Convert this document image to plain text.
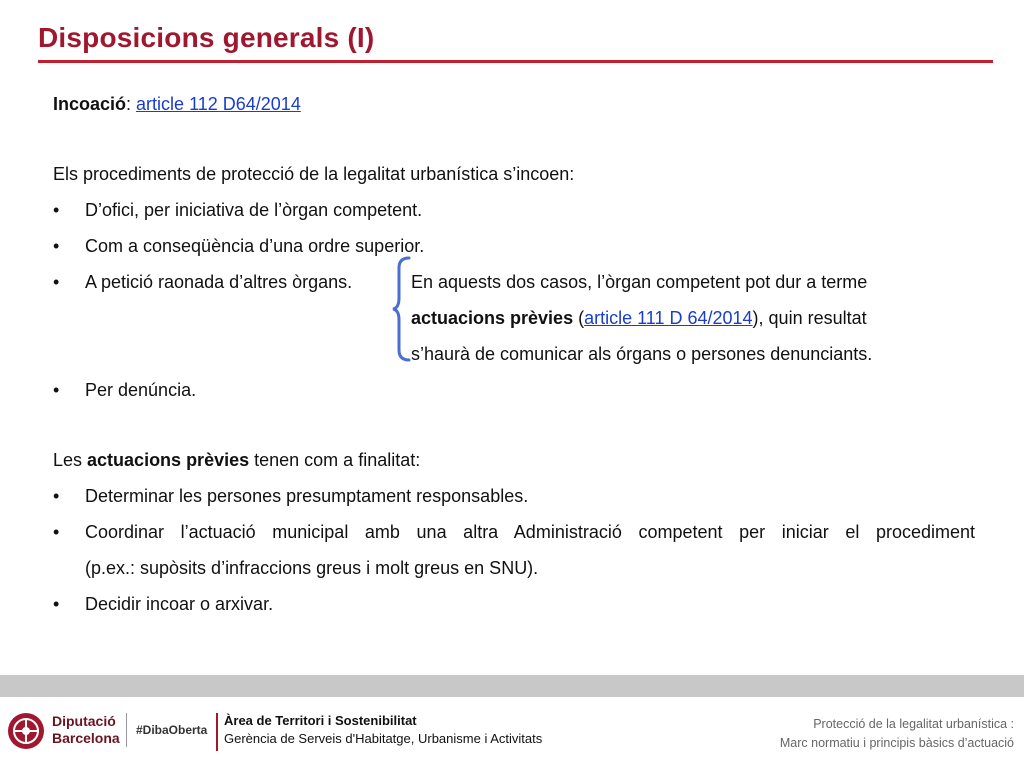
Disposicions generals (I)
Incoació: article 112 D64/2014
Els procediments de protecció de la legalitat urbanística s’incoen:
•	D’ofici, per iniciativa de l’òrgan competent.
•	Com a conseqüència d’una ordre superior.
•	A petició raonada d’altres òrgans.	En aquests dos casos, l’òrgan competent pot dur a terme
actuacions prèvies (article 111 D 64/2014), quin resultat
s’haurà de comunicar als órgans o persones denunciants.
•	Per denúncia.
Les actuacions prèvies tenen com a finalitat:
•	Determinar les persones presumptament responsables.
•	Coordinar l’actuació municipal amb una altra Administració competent per iniciar el procediment
(p.ex.: supòsits d’infraccions greus i molt greus en SNU).
•	Decidir incoar o arxivar.
Diputació
Barcelona #DibaOberta
Àrea de Territori i Sostenibilitat
Gerència de Serveis d'Habitatge, Urbanisme i Activitats
Protecció de la legalitat urbanística :
Marc normatiu i principis bàsics d’actuació
